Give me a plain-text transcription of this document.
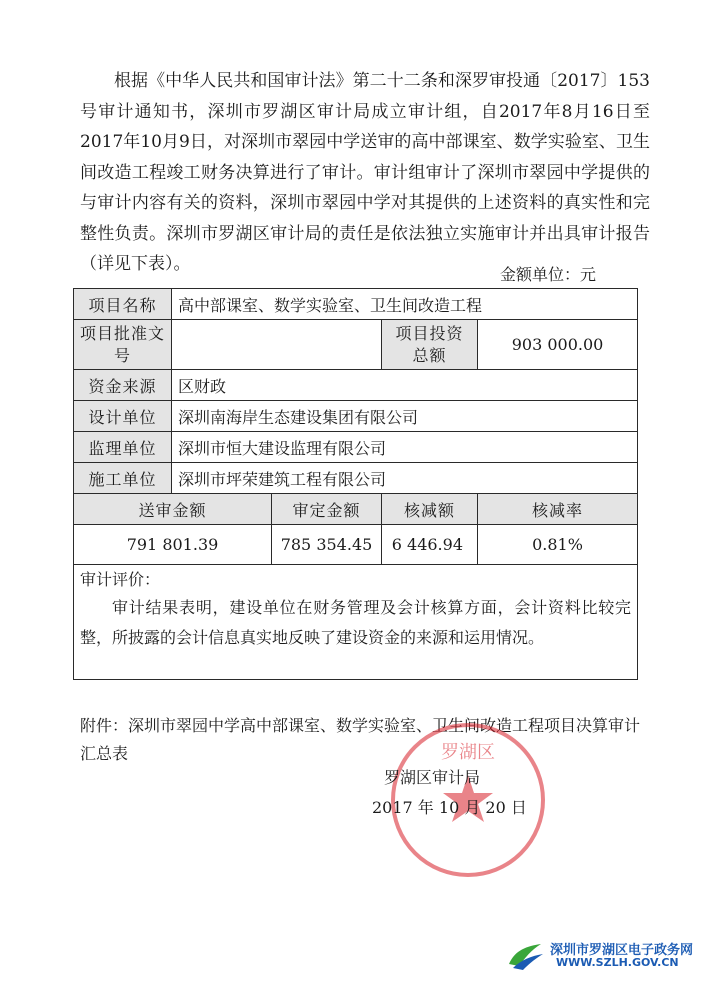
根据《中华人民共和国审计法》第二十二条和深罗审投通〔2017〕153号审计通知书，深圳市罗湖区审计局成立审计组，自2017年8月16日至2017年10月9日，对深圳市翠园中学送审的高中部课室、数学实验室、卫生间改造工程竣工财务决算进行了审计。审计组审计了深圳市翠园中学提供的与审计内容有关的资料，深圳市翠园中学对其提供的上述资料的真实性和完整性负责。深圳市罗湖区审计局的责任是依法独立实施审计并出具审计报告（详见下表）。
金额单位：元
项目名称	高中部课室、数学实验室、卫生间改造工程			
项目批准文号			项目投资总额	903 000.00
资金来源	区财政			
设计单位	深圳南海岸生态建设集团有限公司			
监理单位	深圳市恒大建设监理有限公司			
施工单位	深圳市坪荣建筑工程有限公司			
送审金额		审定金额	核减额	核减率
791 801.39		785 354.45	6 446.94	0.81%

审计评价：
审计结果表明，建设单位在财务管理及会计核算方面，会计资料比较完整，所披露的会计信息真实地反映了建设资金的来源和运用情况。				
附件：深圳市翠园中学高中部课室、数学实验室、卫生间改造工程项目决算审计汇总表	罗湖区
罗湖区审计局
2017 年 10 月 20 日
深圳市罗湖区电子政务网
WWW.SZLH.GOV.CN
